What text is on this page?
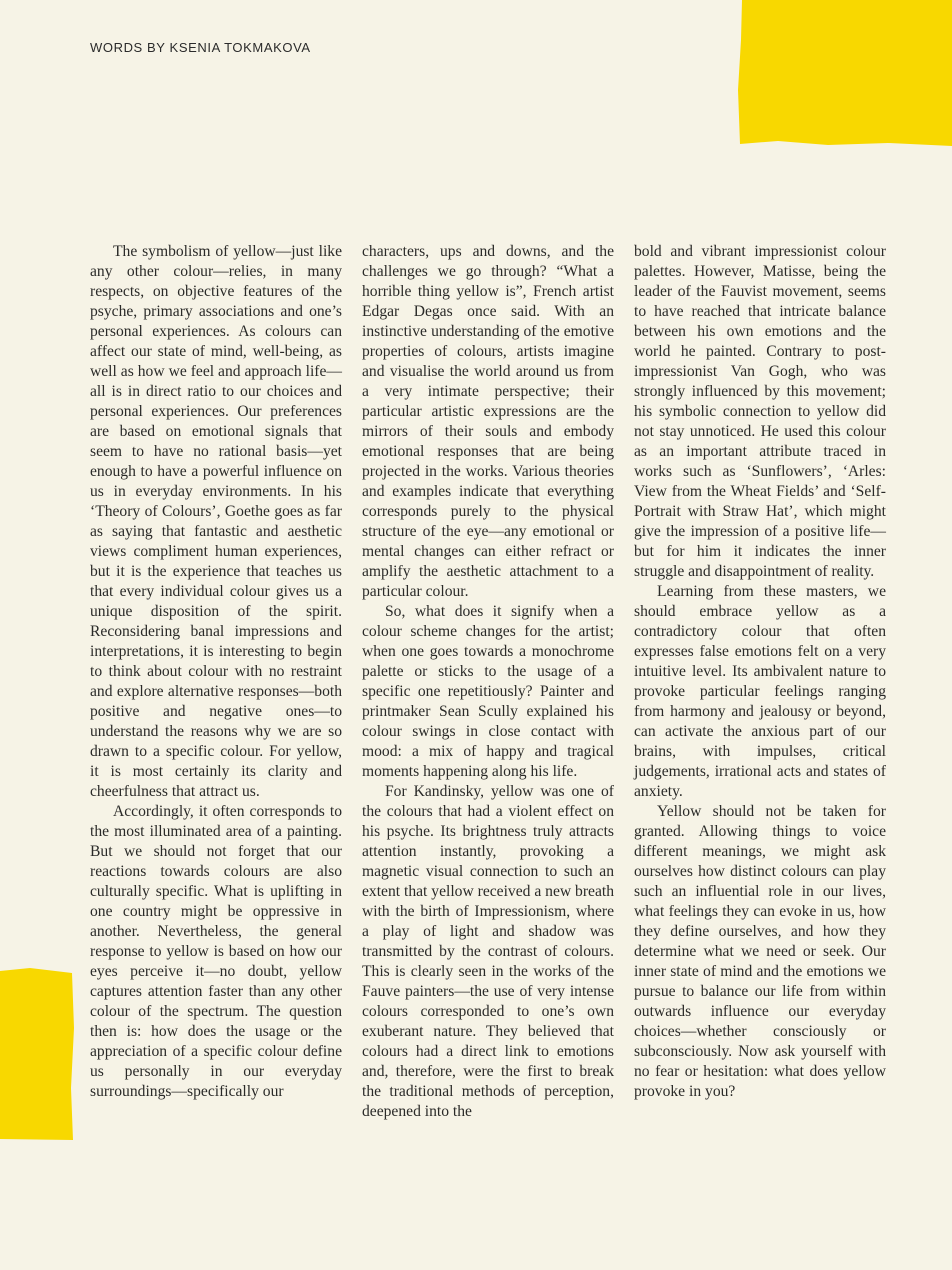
WORDS BY KSENIA TOKMAKOVA

The symbolism of yellow—just like any other colour—relies, in many respects, on objective features of the psyche, primary associations and one’s personal experiences. As colours can affect our state of mind, well-being, as well as how we feel and approach life—all is in direct ratio to our choices and personal experiences. Our preferences are based on emotional signals that seem to have no rational basis—yet enough to have a powerful influence on us in everyday environments. In his ‘Theory of Colours’, Goethe goes as far as saying that fantastic and aesthetic views compliment human experiences, but it is the experience that teaches us that every individual colour gives us a unique disposition of the spirit. Reconsidering banal impressions and interpretations, it is interesting to begin to think about colour with no restraint and explore alternative responses—both positive and negative ones—to understand the reasons why we are so drawn to a specific colour. For yellow, it is most certainly its clarity and cheerfulness that attract us.

Accordingly, it often corresponds to the most illuminated area of a painting. But we should not forget that our reactions towards colours are also culturally specific. What is uplifting in one country might be oppressive in another. Nevertheless, the general response to yellow is based on how our eyes perceive it—no doubt, yellow captures attention faster than any other colour of the spectrum. The question then is: how does the usage or the appreciation of a specific colour define us personally in our everyday surroundings—specifically our

characters, ups and downs, and the challenges we go through? “What a horrible thing yellow is”, French artist Edgar Degas once said. With an instinctive understanding of the emotive properties of colours, artists imagine and visualise the world around us from a very intimate perspective; their particular artistic expressions are the mirrors of their souls and embody emotional responses that are being projected in the works. Various theories and examples indicate that everything corresponds purely to the physical structure of the eye—any emotional or mental changes can either refract or amplify the aesthetic attachment to a particular colour.

So, what does it signify when a colour scheme changes for the artist; when one goes towards a monochrome palette or sticks to the usage of a specific one repetitiously? Painter and printmaker Sean Scully explained his colour swings in close contact with mood: a mix of happy and tragical moments happening along his life.

For Kandinsky, yellow was one of the colours that had a violent effect on his psyche. Its brightness truly attracts attention instantly, provoking a magnetic visual connection to such an extent that yellow received a new breath with the birth of Impressionism, where a play of light and shadow was transmitted by the contrast of colours. This is clearly seen in the works of the Fauve painters—the use of very intense colours corresponded to one’s own exuberant nature. They believed that colours had a direct link to emotions and, therefore, were the first to break the traditional methods of perception, deepened into the

bold and vibrant impressionist colour palettes. However, Matisse, being the leader of the Fauvist movement, seems to have reached that intricate balance between his own emotions and the world he painted. Contrary to post-impressionist Van Gogh, who was strongly influenced by this movement; his symbolic connection to yellow did not stay unnoticed. He used this colour as an important attribute traced in works such as ‘Sunflowers’, ‘Arles: View from the Wheat Fields’ and ‘Self-Portrait with Straw Hat’, which might give the impression of a positive life—but for him it indicates the inner struggle and disappointment of reality.

Learning from these masters, we should embrace yellow as a contradictory colour that often expresses false emotions felt on a very intuitive level. Its ambivalent nature to provoke particular feelings ranging from harmony and jealousy or beyond, can activate the anxious part of our brains, with impulses, critical judgements, irrational acts and states of anxiety.

Yellow should not be taken for granted. Allowing things to voice different meanings, we might ask ourselves how distinct colours can play such an influential role in our lives, what feelings they can evoke in us, how they define ourselves, and how they determine what we need or seek. Our inner state of mind and the emotions we pursue to balance our life from within outwards influence our everyday choices—whether consciously or subconsciously. Now ask yourself with no fear or hesitation: what does yellow provoke in you?
